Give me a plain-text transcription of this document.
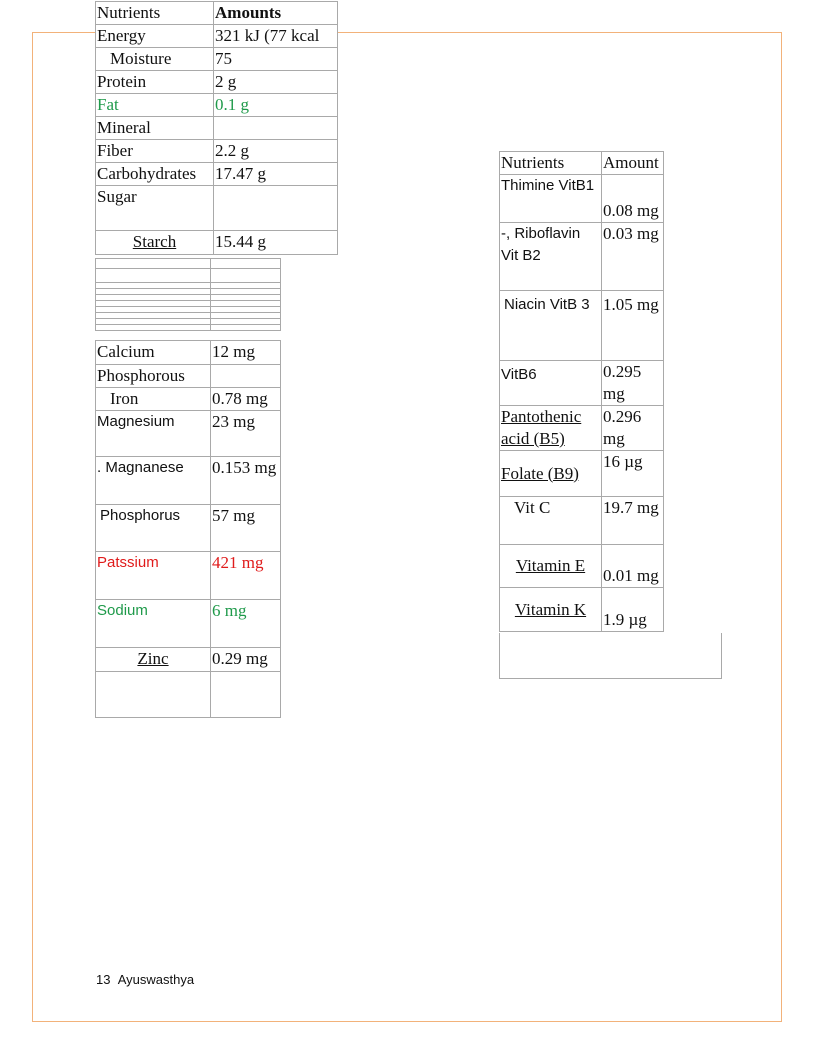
Nutrients	Amounts
Energy	321 kJ (77 kcal
Moisture	75
Protein	2 g
Fat	0.1 g
Mineral	
Fiber	2.2 g
Carbohydrates	17.47 g
Sugar	
Starch	15.44 g

Calcium	12 mg
Phosphorous	
Iron	0.78 mg
Magnesium	23 mg
. Magnanese	0.153 mg
Phosphorus	57 mg
Patssium	421 mg
Sodium	6 mg
Zinc	0.29 mg

Nutrients	Amount
Thimine VitB1	0.08 mg
-, Riboflavin Vit B2	0.03 mg
Niacin VitB 3	1.05 mg
VitB6	0.295 mg
Pantothenic acid (B5)	0.296 mg
Folate (B9)	16 µg
Vit C	19.7 mg
Vitamin E	0.01 mg
Vitamin K	1.9 µg
13 Ayuswasthya
